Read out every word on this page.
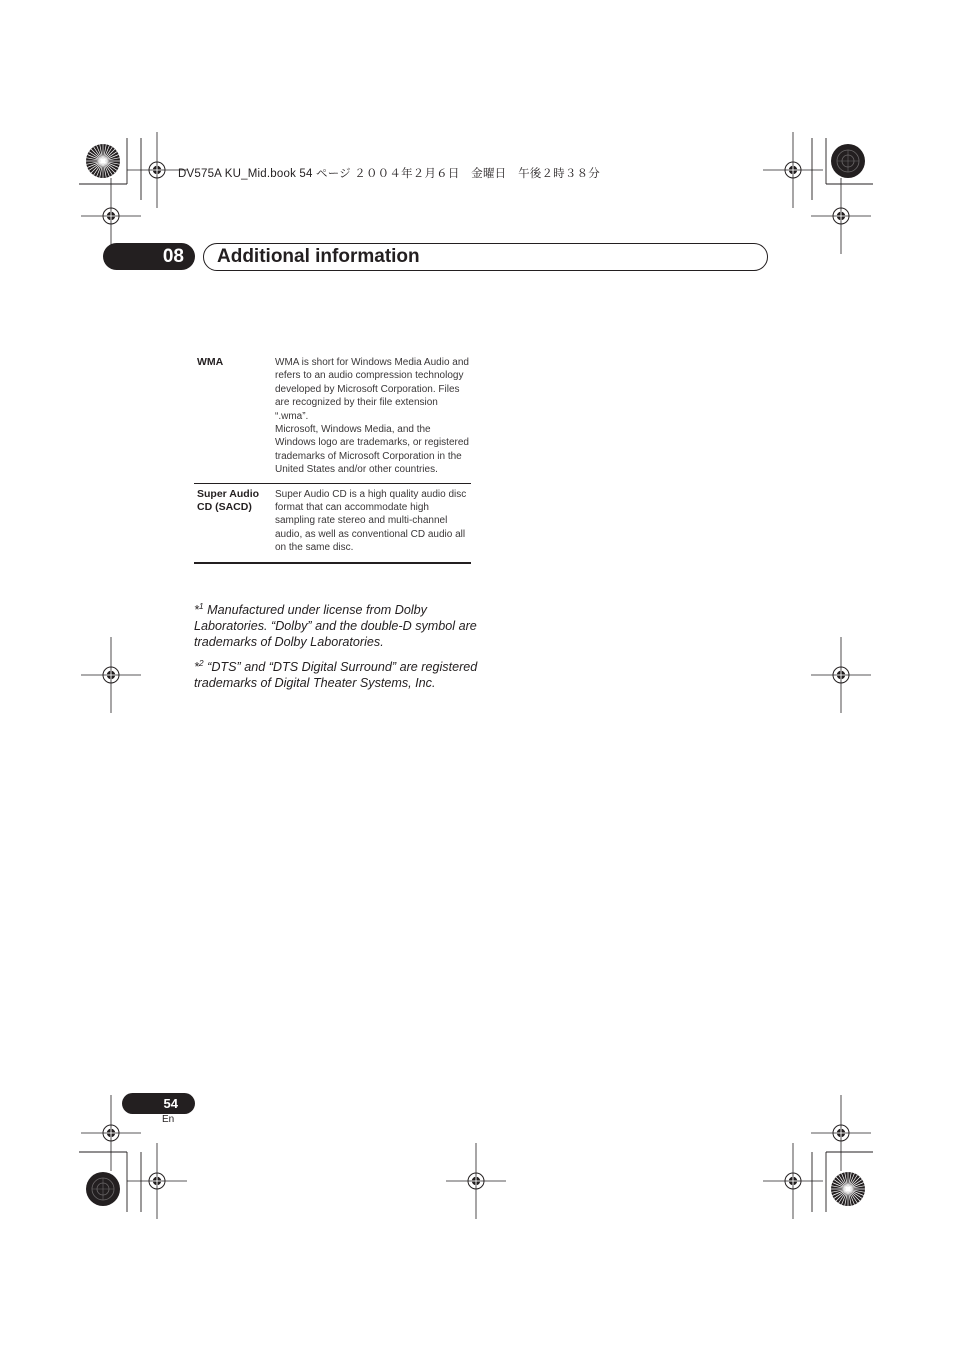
DV575A KU_Mid.book 54 ページ ２００４年２月６日　金曜日　午後２時３８分
08	Additional information
WMA	WMA is short for Windows Media Audio and refers to an audio compression technology developed by Microsoft Corporation. Files are recognized by their file extension “.wma”.

Microsoft, Windows Media, and the Windows logo are trademarks, or registered trademarks of Microsoft Corporation in the United States and/or other countries.

Super Audio CD (SACD)

Super Audio CD is a high quality audio disc format that can accommodate high sampling rate stereo and multi-channel audio, as well as conventional CD audio all on the same disc.

*$^1$ Manufactured under license from Dolby Laboratories. “Dolby” and the double-D symbol are trademarks of Dolby Laboratories.

*$^2$ “DTS” and “DTS Digital Surround” are registered trademarks of Digital Theater Systems, Inc.

54
En
